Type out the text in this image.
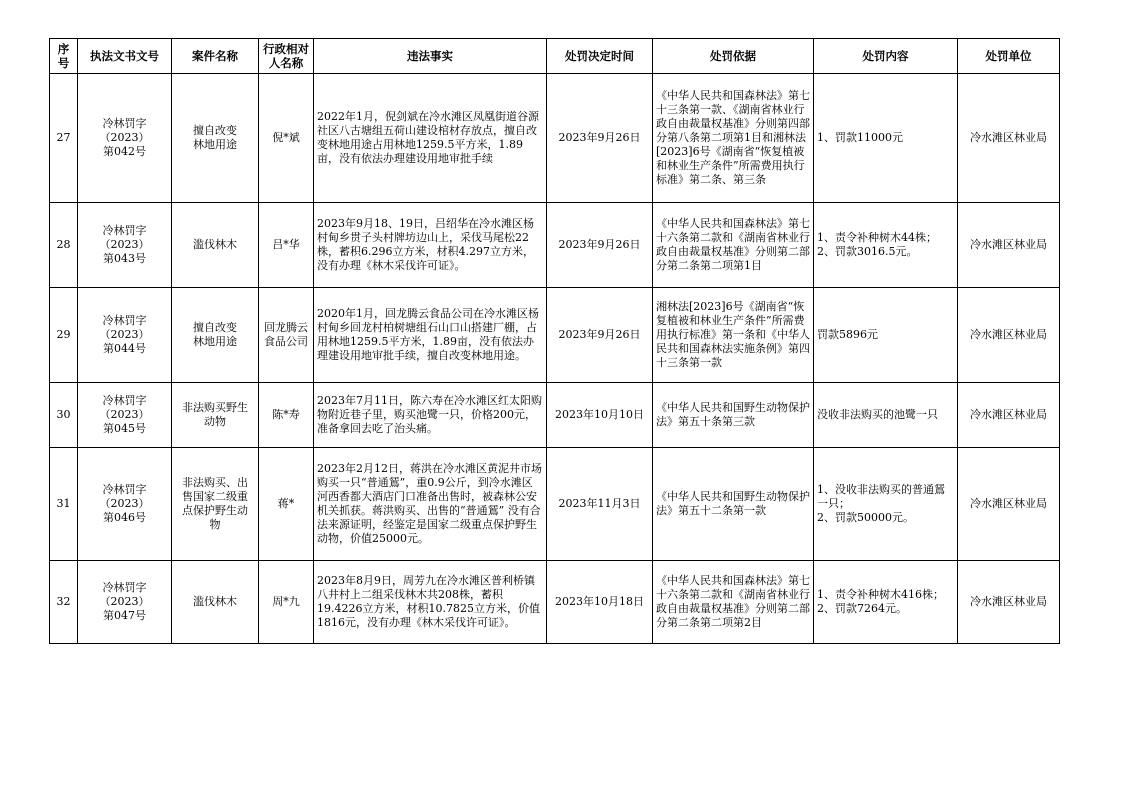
序号	执法文书文号	案件名称	行政相对人名称	违法事实	处罚决定时间	处罚依据	处罚内容	处罚单位
27	冷林罚字
（2023）
第042号	擅自改变
林地用途	倪*斌	2022年1月，倪剑斌在冷水滩区凤凰街道谷源社区八古塘组五荷山建设棺材存放点，擅自改变林地用途占用林地1259.5平方米，1.89亩，没有依法办理建设用地审批手续	2023年9月26日	《中华人民共和国森林法》第七十三条第一款、《湖南省林业行政自由裁量权基准》分则第四部分第八条第二项第1目和湘林法[2023]6号《湖南省“恢复植被和林业生产条件”所需费用执行标准》第二条、第三条	1、罚款11000元	冷水滩区林业局
28	冷林罚字
（2023）
第043号	滥伐林木	吕*华	2023年9月18、19日，吕绍华在冷水滩区杨村甸乡贯子头村牌坊边山上，采伐马尾松22株，蓄积6.296立方米，材积4.297立方米，没有办理《林木采伐许可证》。	2023年9月26日	《中华人民共和国森林法》第七十六条第二款和《湖南省林业行政自由裁量权基准》分则第二部分第二条第二项第1目	1、责令补种树木44株；
2、罚款3016.5元。	冷水滩区林业局
29	冷林罚字
（2023）
第044号	擅自改变
林地用途	回龙腾云
食品公司	2020年1月，回龙腾云食品公司在冷水滩区杨村甸乡回龙村柏树塘组石山口山搭建厂棚，占用林地1259.5平方米，1.89亩，没有依法办理建设用地审批手续，擅自改变林地用途。	2023年9月26日	湘林法[2023]6号《湖南省“恢复植被和林业生产条件”所需费用执行标准》第一条和《中华人民共和国森林法实施条例》第四十三条第一款	罚款5896元	冷水滩区林业局
30	冷林罚字
（2023）
第045号	非法购买野生
动物	陈*寿	2023年7月11日，陈六寿在冷水滩区红太阳购物附近巷子里，购买池鹭一只，价格200元，准备拿回去吃了治头痛。	2023年10月10日	《中华人民共和国野生动物保护法》第五十条第三款	没收非法购买的池鹭一只	冷水滩区林业局
31	冷林罚字
（2023）
第046号	非法购买、出
售国家二级重
点保护野生动
物	蒋*	2023年2月12日，蒋洪在冷水滩区黄泥井市场购买一只“普通鵟”，重0.9公斤，到冷水滩区河西香都大酒店门口准备出售时，被森林公安机关抓获。蒋洪购买、出售的“普通鵟” 没有合法来源证明，经鉴定是国家二级重点保护野生动物，价值25000元。	2023年11月3日	《中华人民共和国野生动物保护法》第五十二条第一款	1、没收非法购买的普通鵟一只；
2、罚款50000元。	冷水滩区林业局
32	冷林罚字
（2023）
第047号	滥伐林木	周*九	2023年8月9日，周芳九在冷水滩区普利桥镇八井村上二组采伐林木共208株，蓄积19.4226立方米，材积10.7825立方米，价值1816元，没有办理《林木采伐许可证》。	2023年10月18日	《中华人民共和国森林法》第七十六条第二款和《湖南省林业行政自由裁量权基准》分则第二部分第二条第二项第2目	1、责令补种树木416株；
2、罚款7264元。	冷水滩区林业局
